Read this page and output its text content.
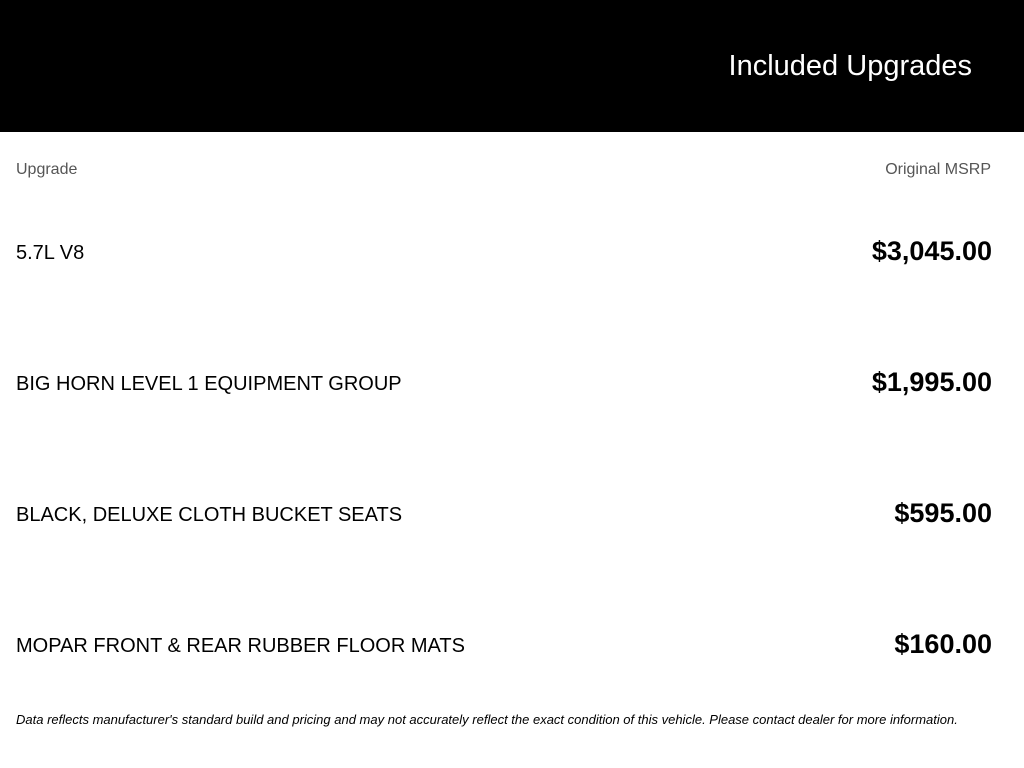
Included Upgrades
Upgrade	Original MSRP
5.7L V8	$3,045.00
BIG HORN LEVEL 1 EQUIPMENT GROUP	$1,995.00
BLACK, DELUXE CLOTH BUCKET SEATS	$595.00
MOPAR FRONT & REAR RUBBER FLOOR MATS	$160.00
Data reflects manufacturer's standard build and pricing and may not accurately reflect the exact condition of this vehicle. Please contact dealer for more information.
